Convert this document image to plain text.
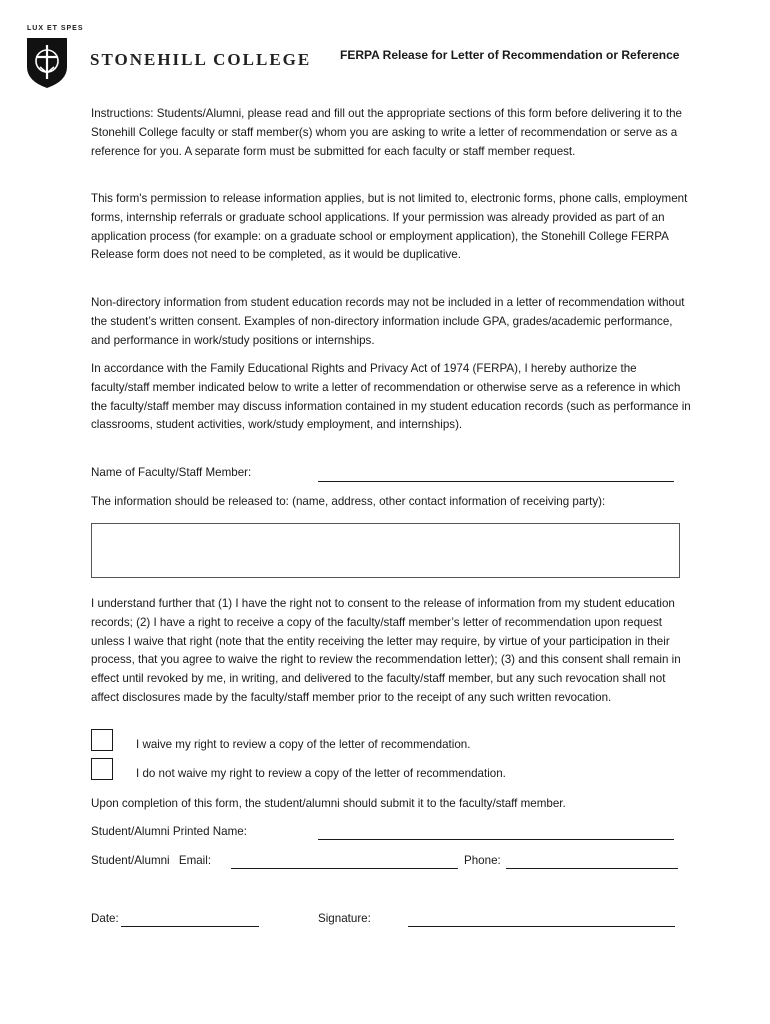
LUX ET SPES
STONEHILL COLLEGE FERPA Release for Letter of Recommendation or Reference

Instructions: Students/Alumni, please read and fill out the appropriate sections of this form before delivering it to the Stonehill College faculty or staff member(s) whom you are asking to write a letter of recommendation or serve as a reference for you. A separate form must be submitted for each faculty or staff member request.

This form's permission to release information applies, but is not limited to, electronic forms, phone calls, employment forms, internship referrals or graduate school applications. If your permission was already provided as part of an application process (for example: on a graduate school or employment application), the Stonehill College FERPA Release form does not need to be completed, as it would be duplicative.

Non-directory information from student education records may not be included in a letter of recommendation without the student’s written consent. Examples of non-directory information include GPA, grades/academic performance, and performance in work/study positions or internships.

In accordance with the Family Educational Rights and Privacy Act of 1974 (FERPA), I hereby authorize the faculty/staff member indicated below to write a letter of recommendation or otherwise serve as a reference in which the faculty/staff member may discuss information contained in my student education records (such as performance in classrooms, student activities, work/study employment, and internships).

Name of Faculty/Staff Member:
The information should be released to: (name, address, other contact information of receiving party):

I understand further that (1) I have the right not to consent to the release of information from my student education records; (2) I have a right to receive a copy of the faculty/staff member’s letter of recommendation upon request unless I waive that right (note that the entity receiving the letter may require, by virtue of your participation in their process, that you agree to waive the right to review the recommendation letter); (3) and this consent shall remain in effect until revoked by me, in writing, and delivered to the faculty/staff member, but any such revocation shall not affect disclosures made by the faculty/staff member prior to the receipt of any such written revocation.

I waive my right to review a copy of the letter of recommendation.
I do not waive my right to review a copy of the letter of recommendation.

Upon completion of this form, the student/alumni should submit it to the faculty/staff member.

Student/Alumni Printed Name:
Student/Alumni Email:	Phone:
Date:	Signature:
